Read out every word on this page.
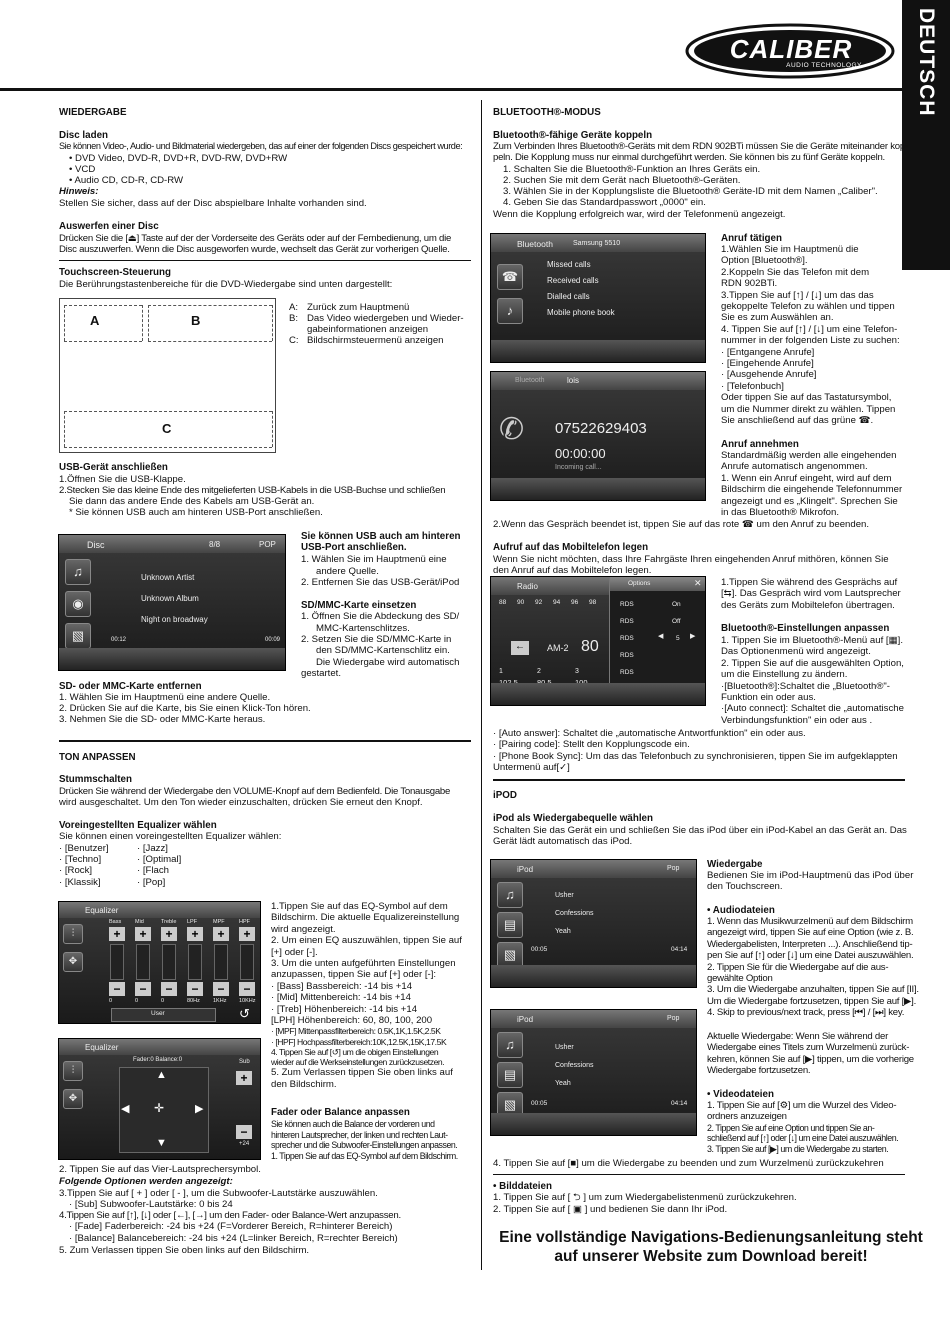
DEUTSCH
CALIBER
AUDIO TECHNOLOGY
WIEDERGABE
Disc laden
Sie können Video-, Audio- und Bildmaterial wiedergeben, das auf einer der folgenden Discs gespeichert wurde:
• DVD Video, DVD-R, DVD+R, DVD-RW, DVD+RW
• VCD
• Audio CD, CD-R, CD-RW
Hinweis:
Stellen Sie sicher, dass auf der Disc abspielbare Inhalte vorhanden sind.
Auswerfen einer Disc
Drücken Sie die [⏏] Taste auf der der Vorderseite des Geräts oder auf der Fernbedienung, um die
Disc auszuwerfen. Wenn die Disc ausgeworfen wurde, wechselt das Gerät zur vorherigen Quelle.
Touchscreen-Steuerung
Die Berührungstastenbereiche für die DVD-Wiedergabe sind unten dargestellt:
A	B
C
A: Zurück zum Hauptmenü
B: Das Video wiedergeben und Wieder-
gabeinformationen anzeigen
C: Bildschirmsteuermenü anzeigen
USB-Gerät anschließen
1.Öffnen Sie die USB-Klappe.
2.Stecken Sie das kleine Ende des mitgelieferten USB-Kabels in die USB-Buchse und schließen
Sie dann das andere Ende des Kabels am USB-Gerät an.
* Sie können USB auch am hinteren USB-Port anschließen.
Disc	8/8	POP
♫
◉
▧
Unknown Artist
Unknown Album
Night on broadway
00:12	00:09
Sie können USB auch am hinteren
USB-Port anschließen.
1. Wählen Sie im Hauptmenü eine
andere Quelle.
2. Entfernen Sie das USB-Gerät/iPod
SD/MMC-Karte einsetzen
1. Öffnen Sie die Abdeckung des SD/
MMC-Kartenschlitzes.
2. Setzen Sie die SD/MMC-Karte in
den SD/MMC-Kartenschlitz ein.
Die Wiedergabe wird automatisch
gestartet.
SD- oder MMC-Karte entfernen
1. Wählen Sie im Hauptmenü eine andere Quelle.
2. Drücken Sie auf die Karte, bis Sie einen Klick-Ton hören.
3. Nehmen Sie die SD- oder MMC-Karte heraus.
TON ANPASSEN
Stummschalten
Drücken Sie während der Wiedergabe den VOLUME-Knopf auf dem Bedienfeld. Die Tonausgabe
wird ausgeschaltet. Um den Ton wieder einzuschalten, drücken Sie erneut den Knopf.
Voreingestellten Equalizer wählen
Sie können einen voreingestellten Equalizer wählen:
· [Benutzer]
· [Techno]
· [Rock]
· [Klassik]
· [Jazz]
· [Optimal]
· [Flach
· [Pop]
Equalizer
⫶
✥
Bass
+
−
0
Mid
+
−
0
Treble
+
−
0
LPF
+
−
80Hz
MPF
+
−
1KHz
HPF
+
−
10KHz
User	↺
1.Tippen Sie auf das EQ-Symbol auf dem
Bildschirm. Die aktuelle Equalizereinstellung
wird angezeigt.
2. Um einen EQ auszuwählen, tippen Sie auf
[+] oder [-].
3. Um die unten aufgeführten Einstellungen
anzupassen, tippen Sie auf [+] oder [-]:
· [Bass] Bassbereich: -14 bis +14
· [Mid] Mittenbereich: -14 bis +14
· [Treb] Höhenbereich: -14 bis +14
[LPH] Höhenbereich: 60, 80, 100, 200
· [MPF] Mittenpassfilterbereich: 0.5K,1K,1.5K,2.5K
· [HPF] Hochpassfilterbereich:10K,12.5K,15K,17.5K
4. Tippen Sie auf [↺] um die obigen Einstellungen
wieder auf die Werkseinstellungen zurückzusetzen.
5. Zum Verlassen tippen Sie oben links auf
den Bildschirm.
Equalizer
Fader:0 Balance:0
⫶
✥
▲
▼
◀	▶
✛
Sub
+
−
+24
Fader oder Balance anpassen
Sie können auch die Balance der vorderen und
hinteren Lautsprecher, der linken und rechten Laut-
sprecher und die Subwoofer-Einstellungen anpassen.
1. Tippen Sie auf das EQ-Symbol auf dem Bildschirm.
2. Tippen Sie auf das Vier-Lautsprechersymbol.
Folgende Optionen werden angezeigt:
3.Tippen Sie auf [ + ] oder [ - ], um die Subwoofer-Lautstärke auszuwählen.
· [Sub] Subwoofer-Lautstärke: 0 bis 24
4.Tippen Sie auf [↑], [↓] oder [←], [→] um den Fader- oder Balance-Wert anzupassen.
· [Fade] Faderbereich: -24 bis +24 (F=Vorderer Bereich, R=hinterer Bereich)
· [Balance] Balancebereich: -24 bis +24 (L=linker Bereich, R=rechter Bereich)
5. Zum Verlassen tippen Sie oben links auf den Bildschirm.
BLUETOOTH®-MODUS
Bluetooth®-fähige Geräte koppeln
Zum Verbinden Ihres Bluetooth®-Geräts mit dem RDN 902BTi müssen Sie die Geräte miteinander kop-
peln. Die Kopplung muss nur einmal durchgeführt werden. Sie können bis zu fünf Geräte koppeln.
1. Schalten Sie die Bluetooth®-Funktion an Ihres Geräts ein.
2. Suchen Sie mit dem Gerät nach Bluetooth®-Geräten.
3. Wählen Sie in der Kopplungsliste die Bluetooth® Geräte-ID mit dem Namen „Caliber".
4. Geben Sie das Standardpasswort „0000" ein.
Wenn die Kopplung erfolgreich war, wird der Telefonmenü angezeigt.
Bluetooth	Samsung 5510
☎
♪
Missed calls
Received calls
Dialled calls
Mobile phone book
Bluetooth	lois
✆ 07522629403
00:00:00
Incoming call...
Anruf tätigen
1.Wählen Sie im Hauptmenü die
Option [Bluetooth®].
2.Koppeln Sie das Telefon mit dem
RDN 902BTi.
3.Tippen Sie auf [↑] / [↓] um das das
gekoppelte Telefon zu wählen und tippen
Sie es zum Auswählen an.
4. Tippen Sie auf [↑] / [↓] um eine Telefon-
nummer in der folgenden Liste zu suchen:
· [Entgangene Anrufe]
· [Eingehende Anrufe]
· [Ausgehende Anrufe]
· [Telefonbuch]
Oder tippen Sie auf das Tastatursymbol,
um die Nummer direkt zu wählen. Tippen
Sie anschließend auf das grüne ☎.
Anruf annehmen
Standardmäßig werden alle eingehenden
Anrufe automatisch angenommen.
1. Wenn ein Anruf eingeht, wird auf dem
Bildschirm die eingehende Telefonnummer
angezeigt und es „Klingelt". Sprechen Sie
in das Bluetooth® Mikrofon.
2.Wenn das Gespräch beendet ist, tippen Sie auf das rote ☎ um den Anruf zu beenden.
Aufruf auf das Mobiltelefon legen
Wenn Sie nicht möchten, dass Ihre Fahrgäste Ihren eingehenden Anruf mithören, können Sie
den Anruf auf das Mobiltelefon legen.
Radio
88 90 92 94 96 98
←	AM-2 80
1	2	3
Options	✕
RDS
RDS
RDS
RDS
RDS
On
Off
◀ 5 ▶
1.Tippen Sie während des Gesprächs auf
[⇆]. Das Gespräch wird vom Lautsprecher
des Geräts zum Mobiltelefon übertragen.
Bluetooth®-Einstellungen anpassen
1. Tippen Sie im Bluetooth®-Menü auf [▦].
Das Optionenmenü wird angezeigt.
2. Tippen Sie auf die ausgewählten Option,
um die Einstellung zu ändern.
·[Bluetooth®]:Schaltet die „Bluetooth®"-
Funktion ein oder aus.
·[Auto connect]: Schaltet die „automatische
Verbindungsfunktion" ein oder aus .
· [Auto answer]: Schaltet die „automatische Antwortfunktion" ein oder aus.
· [Pairing code]: Stellt den Kopplungscode ein.
· [Phone Book Sync]: Um das das Telefonbuch zu synchronisieren, tippen Sie im aufgeklappten
Untermenü auf[✓]
iPOD
iPod als Wiedergabequelle wählen
Schalten Sie das Gerät ein und schließen Sie das iPod über ein iPod-Kabel an das Gerät an. Das
Gerät lädt automatisch das iPod.
iPod	Pop
♫
▤
▧
Usher
Confessions
Yeah
00:05	04:14
iPod	Pop
♫
▤
▧
Usher
Confessions
Yeah
00:05	04:14
Wiedergabe
Bedienen Sie im iPod-Hauptmenü das iPod über
den Touchscreen.
• Audiodateien
1. Wenn das Musikwurzelmenü auf dem Bildschirm
angezeigt wird, tippen Sie auf eine Option (wie z. B.
Wiedergabelisten, Interpreten ...). Anschließend tip-
pen Sie auf [↑] oder [↓] um eine Datei auszuwählen.
2. Tippen Sie für die Wiedergabe auf die aus-
gewählte Option
3. Um die Wiedergabe anzuhalten, tippen Sie auf [II].
Um die Wiedergabe fortzusetzen, tippen Sie auf [▶].
4. Skip to previous/next track, press [⏮] / [⏭] key.
Aktuelle Wiedergabe: Wenn Sie während der
Wiedergabe eines Titels zum Wurzelmenü zurück-
kehren, können Sie auf [▶] tippen, um die vorherige
Wiedergabe fortzusetzen.
• Videodateien
1. Tippen Sie auf [⚙] um die Wurzel des Video-
ordners anzuzeigen
2. Tippen Sie auf eine Option und tippen Sie an-
schließend auf [↑] oder [↓] um eine Datei auszuwählen.
3. Tippen Sie auf [▶] um die Wiedergabe zu starten.
4. Tippen Sie auf [■] um die Wiedergabe zu beenden und zum Wurzelmenü zurückzukehren
• Bilddateien
1. Tippen Sie auf [ ⮌ ] um zum Wiedergabelistenmenü zurückzukehren.
2. Tippen Sie auf [ ▣ ] und bedienen Sie dann Ihr iPod.
Eine vollständige Navigations-Bedienungsanleitung steht
auf unserer Website zum Download bereit!
